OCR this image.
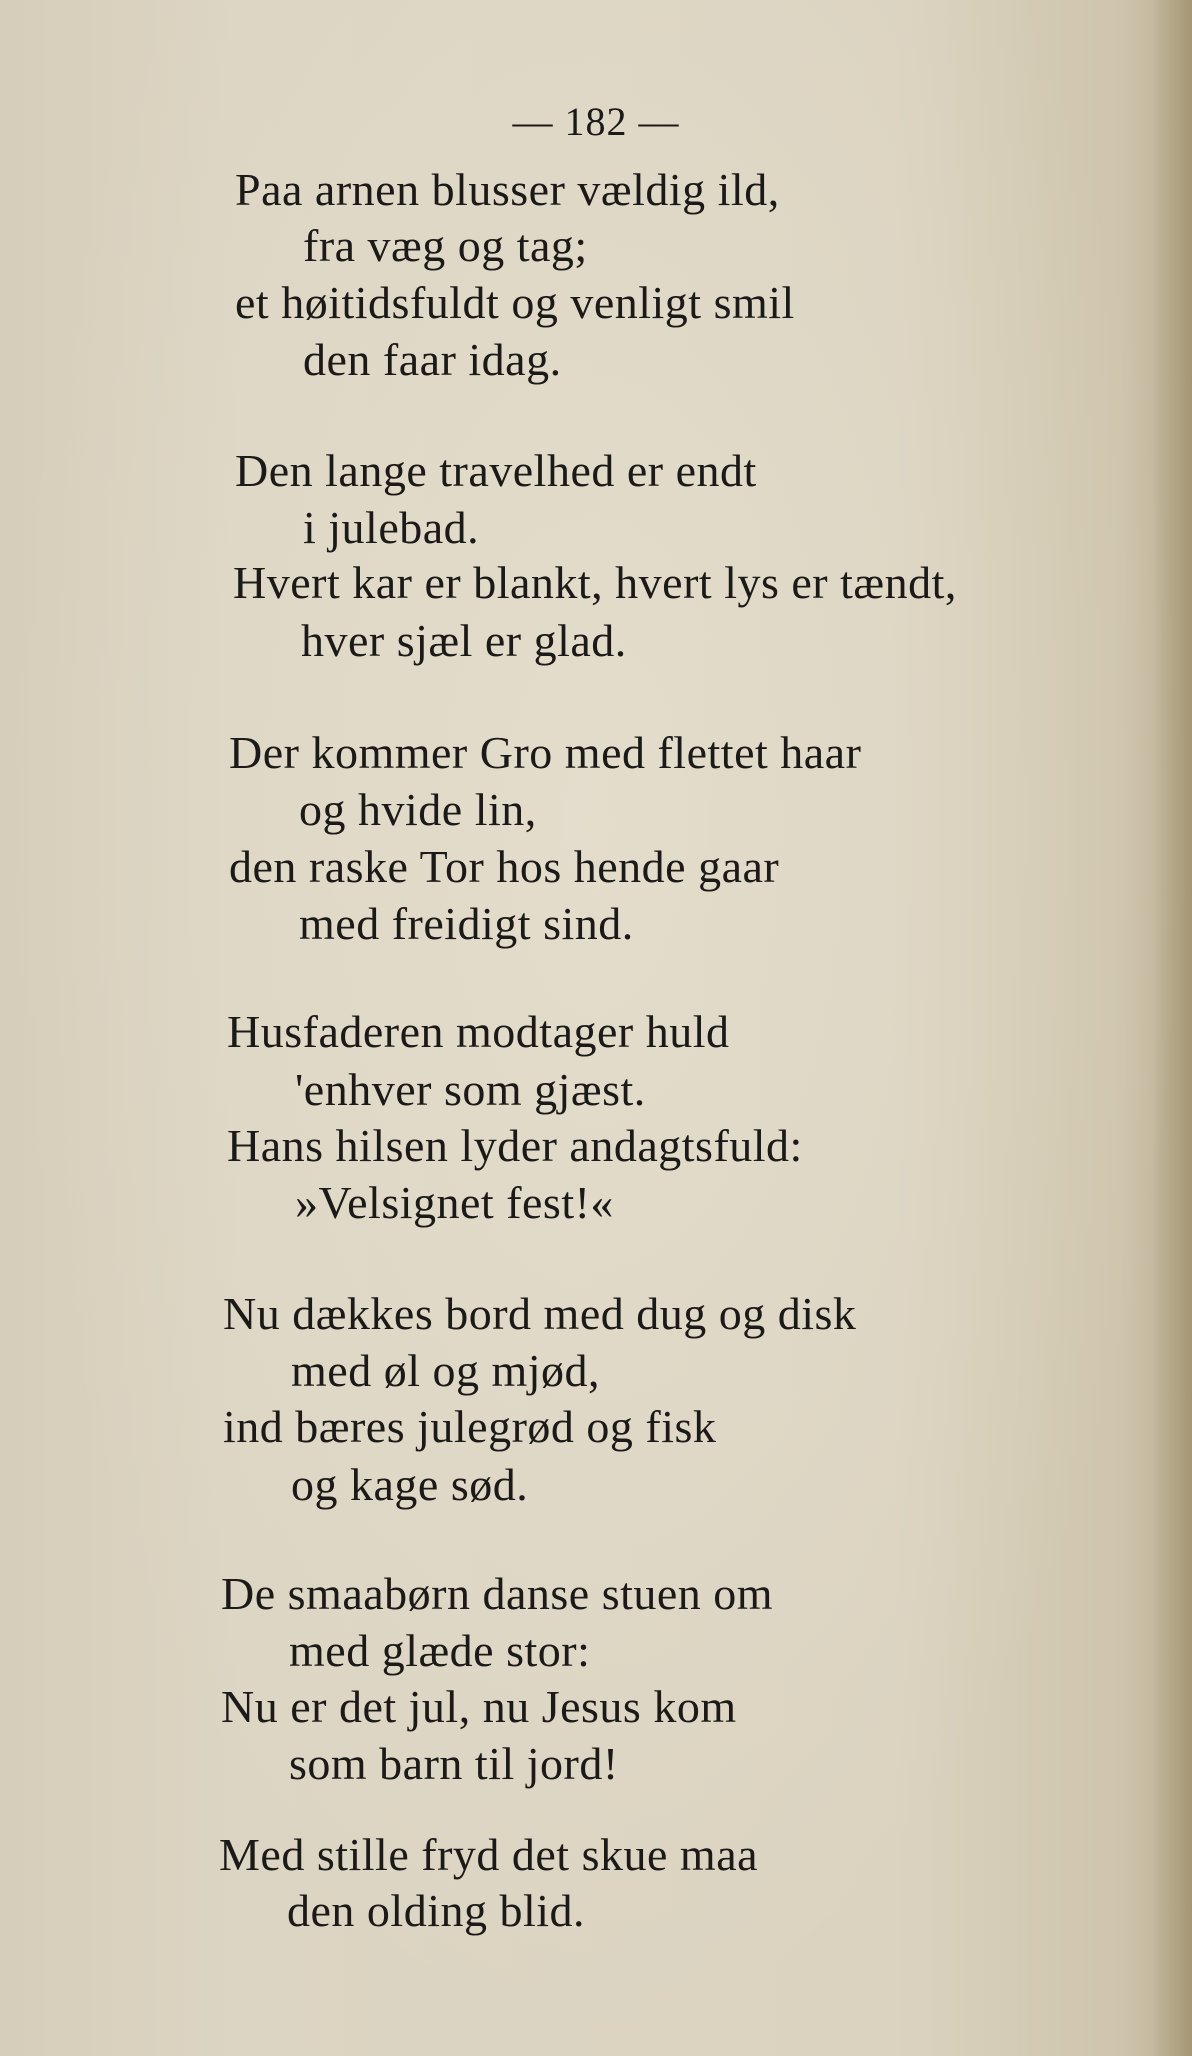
— 182 —
Paa arnen blusser vældig ild,
fra væg og tag;
et høitidsfuldt og venligt smil
den faar idag.
Den lange travelhed er endt
i julebad.
Hvert kar er blankt, hvert lys er tændt,
hver sjæl er glad.
Der kommer Gro med flettet haar
og hvide lin,
den raske Tor hos hende gaar
med freidigt sind.
Husfaderen modtager huld
'enhver som gjæst.
Hans hilsen lyder andagtsfuld:
»Velsignet fest!«
Nu dækkes bord med dug og disk
med øl og mjød,
ind bæres julegrød og fisk
og kage sød.
De smaabørn danse stuen om
med glæde stor:
Nu er det jul, nu Jesus kom
som barn til jord!
Med stille fryd det skue maa
den olding blid.
